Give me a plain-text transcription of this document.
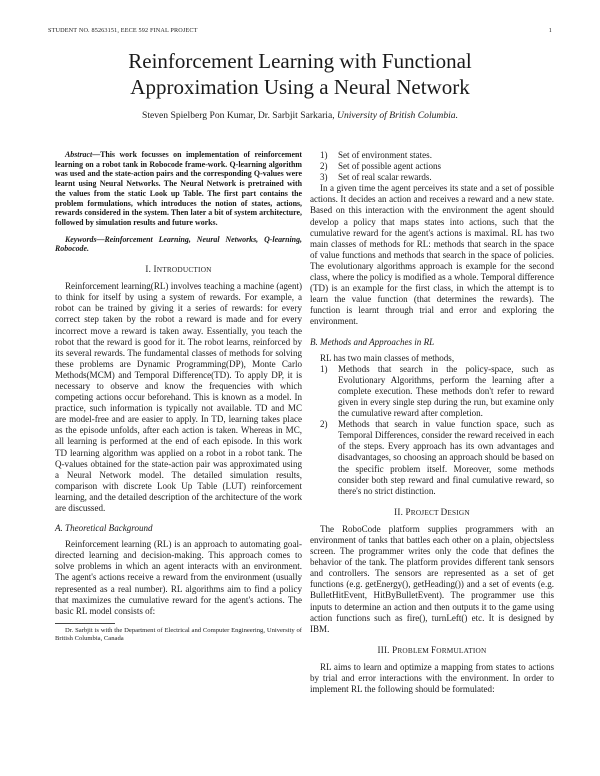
STUDENT NO. 85263151, EECE 592 FINAL PROJECT	1
Reinforcement Learning with Functional
Approximation Using a Neural Network
Steven Spielberg Pon Kumar, Dr. Sarbjit Sarkaria, University of British Columbia.

Abstract—This work focusses on implementation of reinforcement learning on a robot tank in Robocode frame-work. Q-learning algorithm was used and the state-action pairs and the corresponding Q-values were learnt using Neural Networks. The Neural Network is pretrained with the values from the static Look up Table. The first part contains the problem formulations, which introduces the notion of states, actions, rewards considered in the system. Then later a bit of system architecture, followed by simulation results and future works.

Keywords—Reinforcement Learning, Neural Networks, Q-learning, Robocode.

I. INTRODUCTION

Reinforcement learning(RL) involves teaching a machine (agent) to think for itself by using a system of rewards. For example, a robot can be trained by giving it a series of rewards: for every correct step taken by the robot a reward is made and for every incorrect move a reward is taken away. Essentially, you teach the robot that the reward is good for it. The robot learns, reinforced by its several rewards. The fundamental classes of methods for solving these problems are Dynamic Programming(DP), Monte Carlo Methods(MCM) and Temporal Difference(TD). To apply DP, it is necessary to observe and know the frequencies with which competing actions occur beforehand. This is known as a model. In practice, such information is typically not available. TD and MC are model-free and are easier to apply. In TD, learning takes place as the episode unfolds, after each action is taken. Whereas in MC, all learning is performed at the end of each episode. In this work TD learning algorithm was applied on a robot in a robot tank. The Q-values obtained for the state-action pair was approximated using a Neural Network model. The detailed simulation results, comparison with discrete Look Up Table (LUT) reinforcement learning, and the detailed description of the architecture of the work are discussed.

A. Theoretical Background

Reinforcement learning (RL) is an approach to automating goal-directed learning and decision-making. This approach comes to solve problems in which an agent interacts with an environment. The agent's actions receive a reward from the environment (usually represented as a real number). RL algorithms aim to find a policy that maximizes the cumulative reward for the agent's actions. The basic RL model consists of:

Dr. Sarbjit is with the Department of Electrical and Computer Engineering, University of British Columbia, Canada

1) Set of environment states.
2) Set of possible agent actions
3) Set of real scalar rewards.

In a given time the agent perceives its state and a set of possible actions. It decides an action and receives a reward and a new state. Based on this interaction with the environment the agent should develop a policy that maps states into actions, such that the cumulative reward for the agent's actions is maximal. RL has two main classes of methods for RL: methods that search in the space of value functions and methods that search in the space of policies. The evolutionary algorithms approach is example for the second class, where the policy is modified as a whole. Temporal difference (TD) is an example for the first class, in which the attempt is to learn the value function (that determines the rewards). The function is learnt through trial and error and exploring the environment.

B. Methods and Approaches in RL

RL has two main classes of methods,

1) Methods that search in the policy-space, such as Evolutionary Algorithms, perform the learning after a complete execution. These methods don't refer to reward given in every single step during the run, but examine only the cumulative reward after completion.
2) Methods that search in value function space, such as Temporal Differences, consider the reward received in each of the steps. Every approach has its own advantages and disadvantages, so choosing an approach should be based on the specific problem itself. Moreover, some methods consider both step reward and final cumulative reward, so there's no strict distinction.
II. PROJECT DESIGN

The RoboCode platform supplies programmers with an environment of tanks that battles each other on a plain, objectsless screen. The programmer writes only the code that defines the behavior of the tank. The platform provides different tank sensors and controllers. The sensors are represented as a set of get functions (e.g. getEnergy(), getHeading()) and a set of events (e.g. BulletHitEvent, HitByBulletEvent). The programmer use this inputs to determine an action and then outputs it to the game using action functions such as fire(), turnLeft() etc. It is designed by IBM.

III. PROBLEM FORMULATION

RL aims to learn and optimize a mapping from states to actions by trial and error interactions with the environment. In order to implement RL the following should be formulated:
